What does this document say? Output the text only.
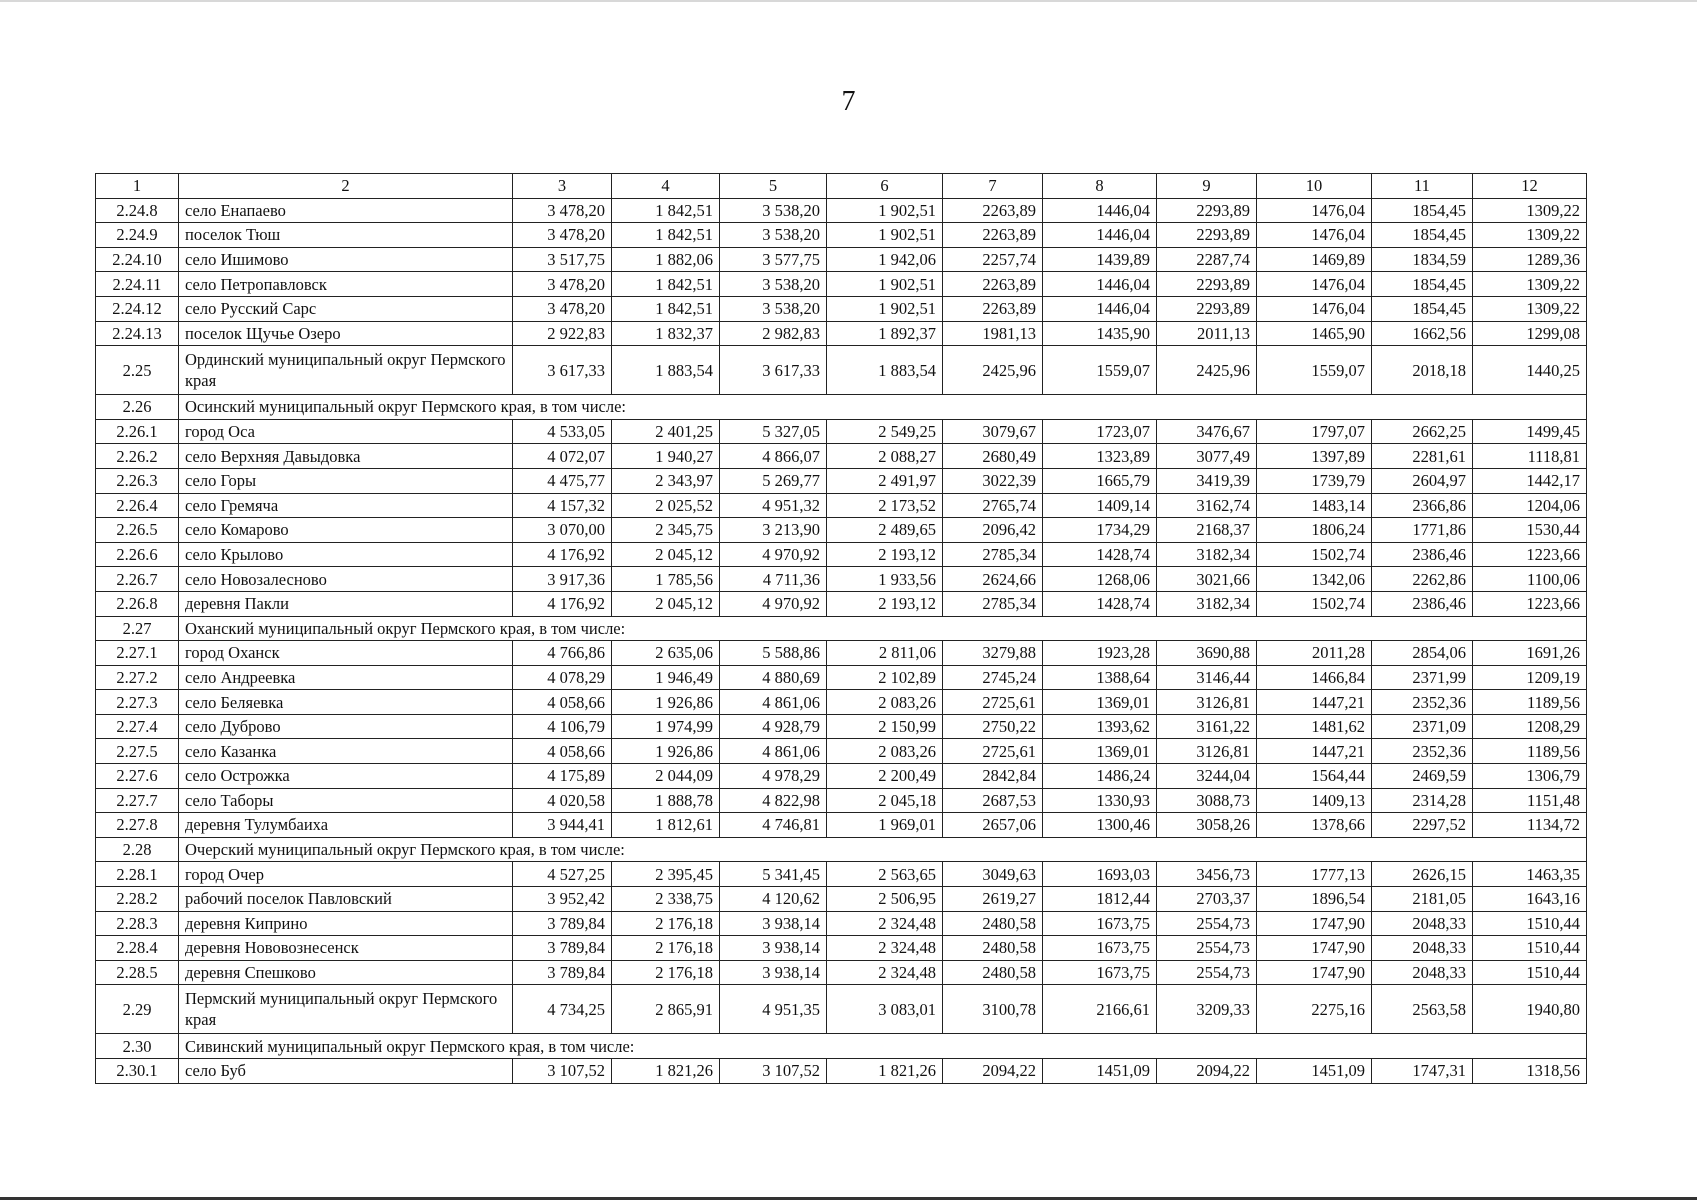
7
1	2	3	4	5	6	7	8	9	10	11	12
2.24.8	село Енапаево	3 478,20	1 842,51	3 538,20	1 902,51	2263,89	1446,04	2293,89	1476,04	1854,45	1309,22
2.24.9	поселок Тюш	3 478,20	1 842,51	3 538,20	1 902,51	2263,89	1446,04	2293,89	1476,04	1854,45	1309,22
2.24.10	село Ишимово	3 517,75	1 882,06	3 577,75	1 942,06	2257,74	1439,89	2287,74	1469,89	1834,59	1289,36
2.24.11	село Петропавловск	3 478,20	1 842,51	3 538,20	1 902,51	2263,89	1446,04	2293,89	1476,04	1854,45	1309,22
2.24.12	село Русский Сарс	3 478,20	1 842,51	3 538,20	1 902,51	2263,89	1446,04	2293,89	1476,04	1854,45	1309,22
2.24.13	поселок Щучье Озеро	2 922,83	1 832,37	2 982,83	1 892,37	1981,13	1435,90	2011,13	1465,90	1662,56	1299,08
2.25	Ординский муниципальный округ Пермского края	3 617,33	1 883,54	3 617,33	1 883,54	2425,96	1559,07	2425,96	1559,07	2018,18	1440,25
2.26	Осинский муниципальный округ Пермского края, в том числе:										
2.26.1	город Оса	4 533,05	2 401,25	5 327,05	2 549,25	3079,67	1723,07	3476,67	1797,07	2662,25	1499,45
2.26.2	село Верхняя Давыдовка	4 072,07	1 940,27	4 866,07	2 088,27	2680,49	1323,89	3077,49	1397,89	2281,61	1118,81
2.26.3	село Горы	4 475,77	2 343,97	5 269,77	2 491,97	3022,39	1665,79	3419,39	1739,79	2604,97	1442,17
2.26.4	село Гремяча	4 157,32	2 025,52	4 951,32	2 173,52	2765,74	1409,14	3162,74	1483,14	2366,86	1204,06
2.26.5	село Комарово	3 070,00	2 345,75	3 213,90	2 489,65	2096,42	1734,29	2168,37	1806,24	1771,86	1530,44
2.26.6	село Крылово	4 176,92	2 045,12	4 970,92	2 193,12	2785,34	1428,74	3182,34	1502,74	2386,46	1223,66
2.26.7	село Новозалесново	3 917,36	1 785,56	4 711,36	1 933,56	2624,66	1268,06	3021,66	1342,06	2262,86	1100,06
2.26.8	деревня Пакли	4 176,92	2 045,12	4 970,92	2 193,12	2785,34	1428,74	3182,34	1502,74	2386,46	1223,66
2.27	Оханский муниципальный округ Пермского края, в том числе:										
2.27.1	город Оханск	4 766,86	2 635,06	5 588,86	2 811,06	3279,88	1923,28	3690,88	2011,28	2854,06	1691,26
2.27.2	село Андреевка	4 078,29	1 946,49	4 880,69	2 102,89	2745,24	1388,64	3146,44	1466,84	2371,99	1209,19
2.27.3	село Беляевка	4 058,66	1 926,86	4 861,06	2 083,26	2725,61	1369,01	3126,81	1447,21	2352,36	1189,56
2.27.4	село Дуброво	4 106,79	1 974,99	4 928,79	2 150,99	2750,22	1393,62	3161,22	1481,62	2371,09	1208,29
2.27.5	село Казанка	4 058,66	1 926,86	4 861,06	2 083,26	2725,61	1369,01	3126,81	1447,21	2352,36	1189,56
2.27.6	село Острожка	4 175,89	2 044,09	4 978,29	2 200,49	2842,84	1486,24	3244,04	1564,44	2469,59	1306,79
2.27.7	село Таборы	4 020,58	1 888,78	4 822,98	2 045,18	2687,53	1330,93	3088,73	1409,13	2314,28	1151,48
2.27.8	деревня Тулумбаиха	3 944,41	1 812,61	4 746,81	1 969,01	2657,06	1300,46	3058,26	1378,66	2297,52	1134,72
2.28	Очерский муниципальный округ Пермского края, в том числе:										
2.28.1	город Очер	4 527,25	2 395,45	5 341,45	2 563,65	3049,63	1693,03	3456,73	1777,13	2626,15	1463,35
2.28.2	рабочий поселок Павловский	3 952,42	2 338,75	4 120,62	2 506,95	2619,27	1812,44	2703,37	1896,54	2181,05	1643,16
2.28.3	деревня Киприно	3 789,84	2 176,18	3 938,14	2 324,48	2480,58	1673,75	2554,73	1747,90	2048,33	1510,44
2.28.4	деревня Нововознесенск	3 789,84	2 176,18	3 938,14	2 324,48	2480,58	1673,75	2554,73	1747,90	2048,33	1510,44
2.28.5	деревня Спешково	3 789,84	2 176,18	3 938,14	2 324,48	2480,58	1673,75	2554,73	1747,90	2048,33	1510,44
2.29	Пермский муниципальный округ Пермского края	4 734,25	2 865,91	4 951,35	3 083,01	3100,78	2166,61	3209,33	2275,16	2563,58	1940,80
2.30	Сивинский муниципальный округ Пермского края, в том числе:										
2.30.1	село Буб	3 107,52	1 821,26	3 107,52	1 821,26	2094,22	1451,09	2094,22	1451,09	1747,31	1318,56
